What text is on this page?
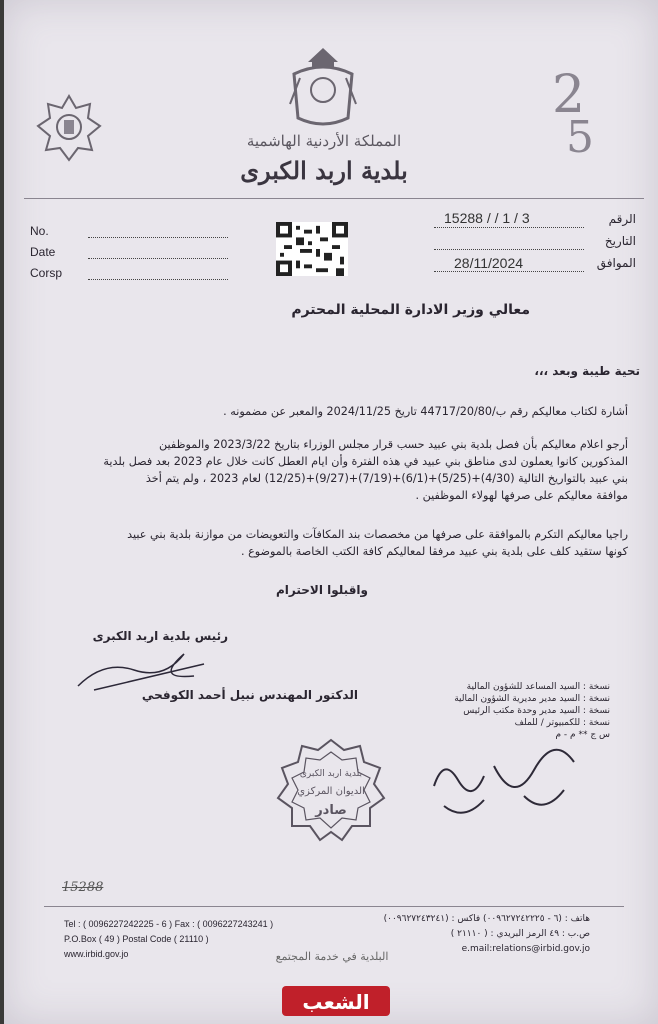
2
5
المملكة الأردنية الهاشمية
بلدية اربد الكبرى
No.
Date
Corsp
الرقم
التاريخ
الموافق
15288 / / 1 / 3
28/11/2024
معالي وزير الادارة المحلية المحترم
تحية طيبة وبعد ،،،
أشارة لكتاب معاليكم رقم ب/44717/20/80 تاريخ 2024/11/25 والمعبر عن مضمونه .
أرجو اعلام معاليكم بأن فصل بلدية بني عبيد حسب قرار مجلس الوزراء بتاريخ 2023/3/22 والموظفين
المذكورين كانوا يعملون لدى مناطق بني عبيد في هذه الفترة وأن ايام العطل كانت خلال عام 2023 بعد فصل بلدية
بني عبيد بالتواريخ التالية (4/30)+(5/25)+(6/1)+(7/19)+(9/27)+(12/25) لعام 2023 ، ولم يتم أخذ
موافقة معاليكم على صرفها لهولاء الموظفين .
راجيا معاليكم التكرم بالموافقة على صرفها من مخصصات بند المكافآت والتعويضات من موازنة بلدية بني عبيد
كونها ستقيد كلف على بلدية بني عبيد مرفقا لمعاليكم كافة الكتب الخاصة بالموضوع .
واقبلوا الاحترام
رئيس بلدية اربد الكبرى
الدكتور المهندس نبيل أحمد الكوفحي
نسخة : السيد المساعد للشؤون المالية
نسخة : السيد مدير مديرية الشؤون المالية
نسخة : السيد مدير وحدة مكتب الرئيس
نسخة : للكمبيوتر / للملف
س ج ** م - م
بلدية اربد الكبرى
الديوان المركزي
صادر
15288
هاتف : (٦ - ٠٠٩٦٢٧٢٤٢٢٢٥) فاكس : (٠٠٩٦٢٧٢٤٣٢٤١)
ص.ب : ٤٩ الرمز البريدي : ( ٢١١١٠ )
e.mail:relations@irbid.gov.jo
Tel : ( 0096227242225 - 6 ) Fax : ( 0096227243241 )
P.O.Box ( 49 ) Postal Code ( 21110 )
www.irbid.gov.jo	البلدية في خدمة المجتمع
الشعب
